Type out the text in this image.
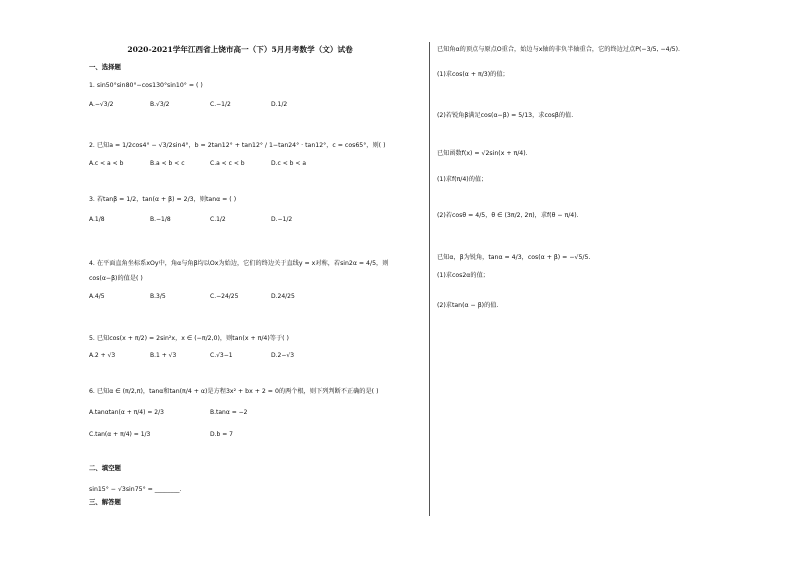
2020-2021学年江西省上饶市高一（下）5月月考数学（文）试卷
一、选择题
1. sin50°sin80°−cos130°sin10° = ( )
A.−√3/2	B.√3/2	C.−1/2	D.1/2
2. 已知a = 1/2cos4° − √3/2sin4°，b = 2tan12° + tan12° / 1−tan24° · tan12°，c = cos65°，则( )
A.c < a < b	B.a < b < c	C.a < c < b	D.c < b < a
3. 若tanβ = 1/2，tan(α + β) = 2/3，则tanα = ( )
A.1/8	B.−1/8	C.1/2	D.−1/2
4. 在平面直角坐标系xOy中，角α与角β均以Ox为始边，它们的终边关于直线y = x对称，若sin2α = 4/5，则
cos(α−β)的值是( )
A.4/5	B.3/5	C.−24/25	D.24/25
5. 已知cos(x + π/2) = 2sin²x，x ∈ (−π/2,0)，则tan(x + π/4)等于( )
A.2 + √3	B.1 + √3	C.√3−1	D.2−√3
6. 已知α ∈ (π/2,π)，tanα和tan(π/4 + α)是方程3x² + bx + 2 = 0的两个根，则下列判断不正确的是( )
A.tanαtan(α + π/4) = 2/3	B.tanα = −2
C.tan(α + π/4) = 1/3	D.b = 7
二、填空题
sin15° − √3sin75° = ________．
三、解答题
已知角α的顶点与原点O重合，始边与x轴的非负半轴重合，它的终边过点P(−3/5, −4/5).
(1)求cos(α + π/3)的值；
(2)若锐角β满足cos(α−β) = 5/13，求cosβ的值.
已知函数f(x) = √2sin(x + π/4).
(1)求f(π/4)的值；
(2)若cosθ = 4/5，θ ∈ (3π/2, 2π)，求f(θ − π/4).
已知α，β为锐角，tanα = 4/3，cos(α + β) = −√5/5.
(1)求cos2α的值；
(2)求tan(α − β)的值.
